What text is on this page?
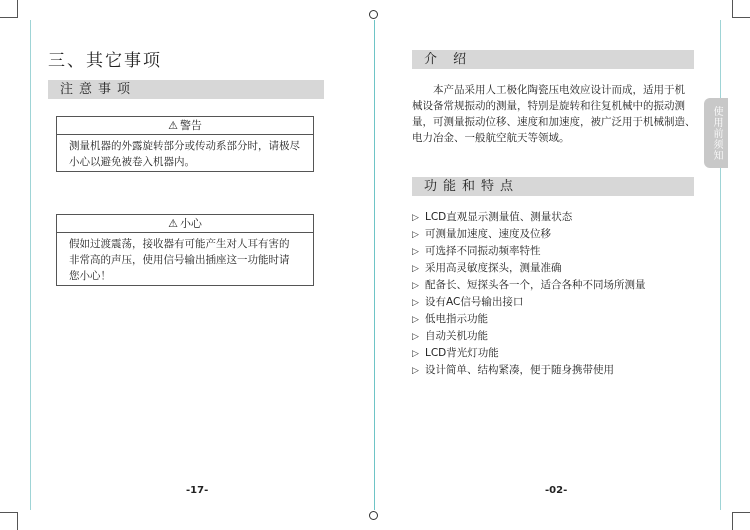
三、其它事项
注意事项
⚠ 警告
测量机器的外露旋转部分或传动系部分时，请极尽
小心以避免被卷入机器内。
⚠ 小心
假如过渡震荡，接收器有可能产生对人耳有害的
非常高的声压，使用信号输出插座这一功能时请
您小心！
-17-
介 绍
本产品采用人工极化陶瓷压电效应设计而成，适用于机
械设备常规振动的测量，特别是旋转和往复机械中的振动测
量，可测量振动位移、速度和加速度，被广泛用于机械制造、
电力冶金、一般航空航天等领域。
功能和特点
▷ LCD直观显示测量值、测量状态
▷ 可测量加速度、速度及位移
▷ 可选择不同振动频率特性
▷ 采用高灵敏度探头，测量准确
▷ 配备长、短探头各一个，适合各种不同场所测量
▷ 设有AC信号输出接口
▷ 低电指示功能
▷ 自动关机功能
▷ LCD背光灯功能
▷ 设计简单、结构紧凑，便于随身携带使用
使用前须知
-02-
